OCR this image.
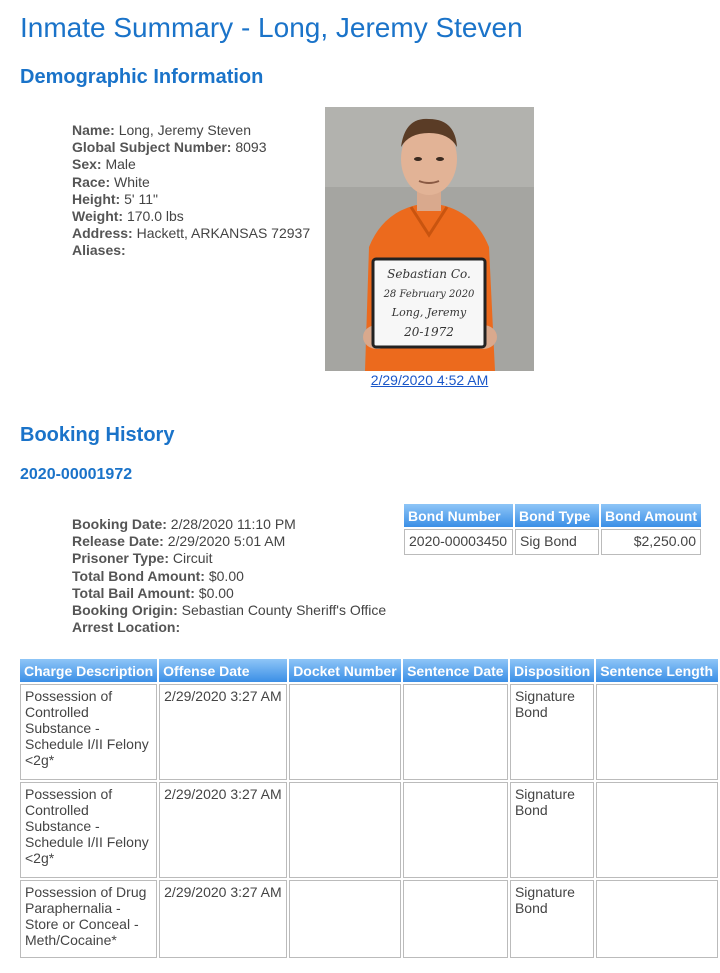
Inmate Summary - Long, Jeremy Steven
Demographic Information
Name: Long, Jeremy Steven
Global Subject Number: 8093
Sex: Male
Race: White
Height: 5' 11"
Weight: 170.0 lbs
Address: Hackett, ARKANSAS 72937
Aliases:
Sebastian Co.
28 February 2020
Long, Jeremy
20-1972
2/29/2020 4:52 AM
Booking History
2020-00001972
Booking Date: 2/28/2020 11:10 PM
Release Date: 2/29/2020 5:01 AM
Prisoner Type: Circuit
Total Bond Amount: $0.00
Total Bail Amount: $0.00
Booking Origin: Sebastian County Sheriff's Office
Arrest Location:
Bond Number	Bond Type	Bond Amount
2020-00003450	Sig Bond	$2,250.00
Charge Description	Offense Date	Docket Number	Sentence Date	Disposition	Sentence Length
Possession of Controlled Substance - Schedule I/II Felony <2g*	2/29/2020 3:27 AM			Signature Bond	
Possession of Controlled Substance - Schedule I/II Felony <2g*	2/29/2020 3:27 AM			Signature Bond	
Possession of Drug Paraphernalia - Store or Conceal - Meth/Cocaine*	2/29/2020 3:27 AM			Signature Bond	
